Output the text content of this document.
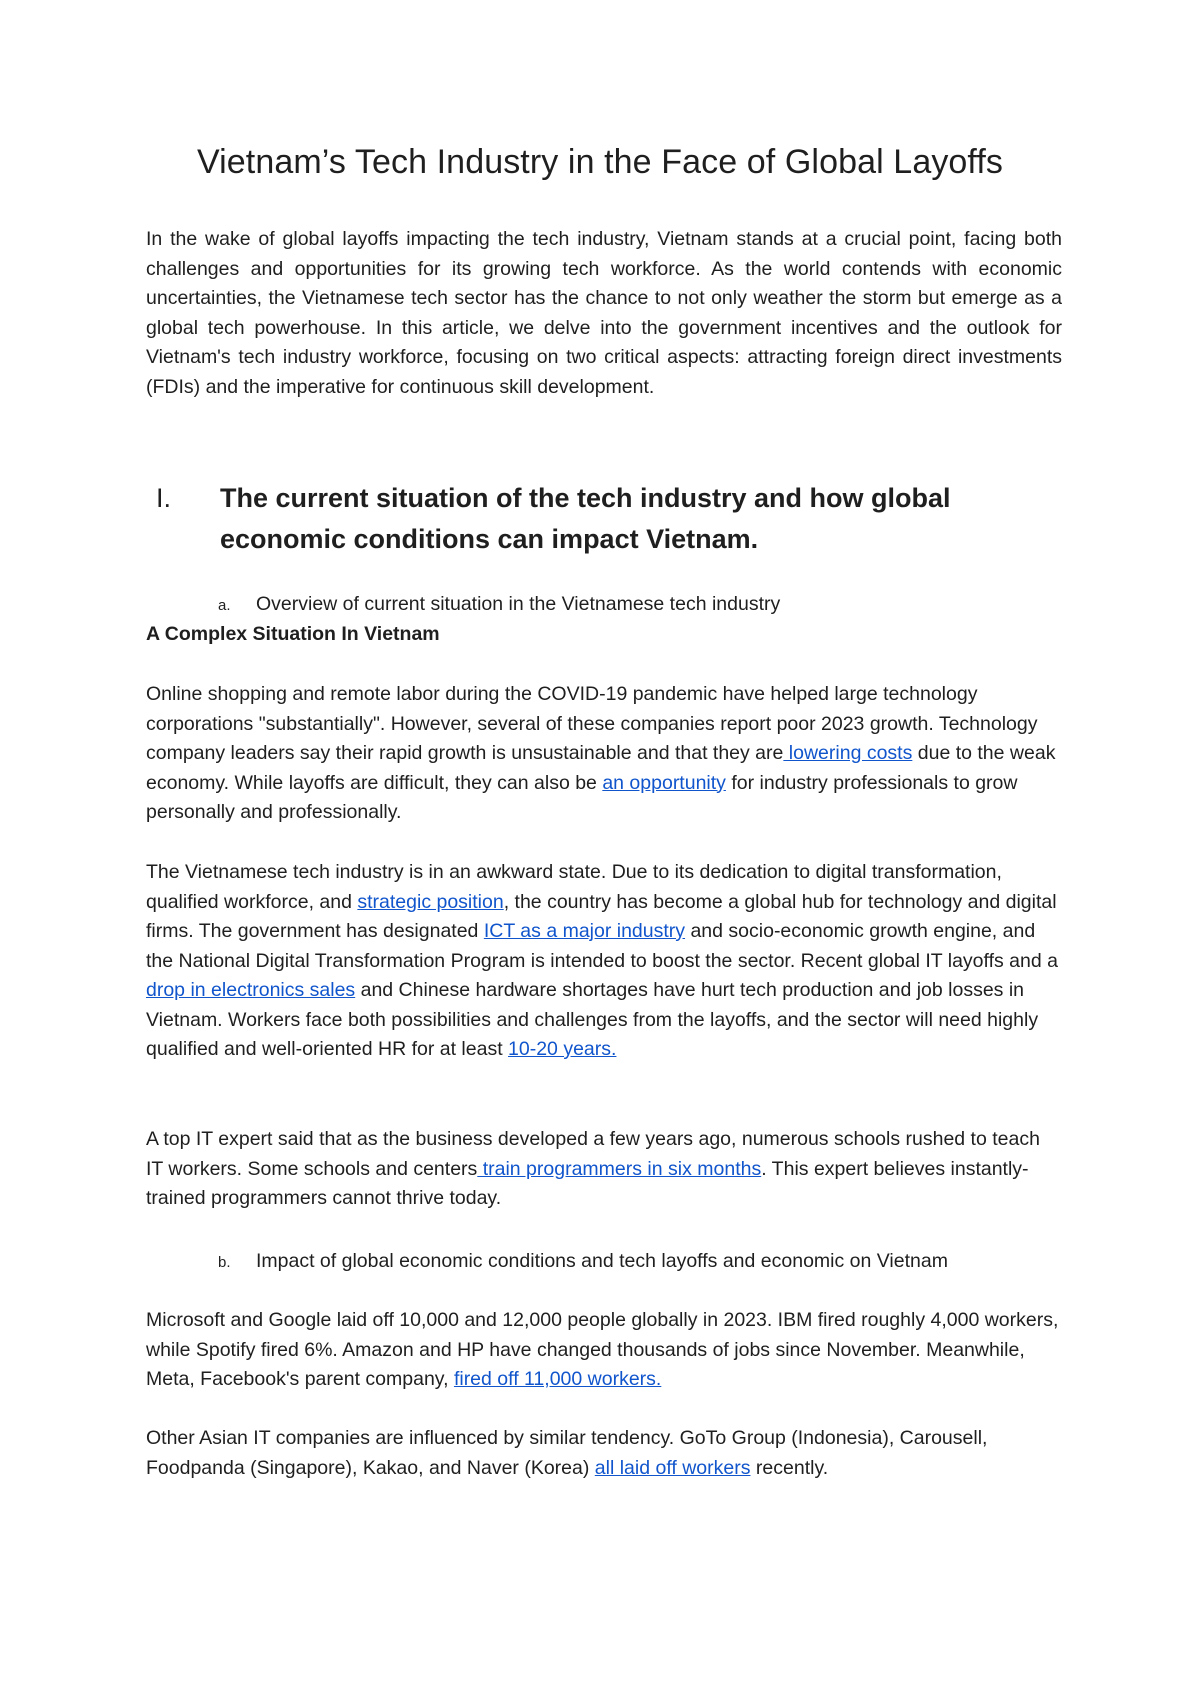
Vietnam’s Tech Industry in the Face of Global Layoffs

In the wake of global layoffs impacting the tech industry, Vietnam stands at a crucial point, facing both challenges and opportunities for its growing tech workforce. As the world contends with economic uncertainties, the Vietnamese tech sector has the chance to not only weather the storm but emerge as a global tech powerhouse. In this article, we delve into the government incentives and the outlook for Vietnam's tech industry workforce, focusing on two critical aspects: attracting foreign direct investments (FDIs) and the imperative for continuous skill development.

I. The current situation of the tech industry and how global economic conditions can impact Vietnam.

a. Overview of current situation in the Vietnamese tech industry

A Complex Situation In Vietnam

Online shopping and remote labor during the COVID-19 pandemic have helped large technology corporations "substantially". However, several of these companies report poor 2023 growth. Technology company leaders say their rapid growth is unsustainable and that they are lowering costs due to the weak economy. While layoffs are difficult, they can also be an opportunity for industry professionals to grow personally and professionally.

The Vietnamese tech industry is in an awkward state. Due to its dedication to digital transformation, qualified workforce, and strategic position, the country has become a global hub for technology and digital firms. The government has designated ICT as a major industry and socio-economic growth engine, and the National Digital Transformation Program is intended to boost the sector. Recent global IT layoffs and a drop in electronics sales and Chinese hardware shortages have hurt tech production and job losses in Vietnam. Workers face both possibilities and challenges from the layoffs, and the sector will need highly qualified and well-oriented HR for at least 10-20 years.

A top IT expert said that as the business developed a few years ago, numerous schools rushed to teach IT workers. Some schools and centers train programmers in six months. This expert believes instantly-trained programmers cannot thrive today.

b. Impact of global economic conditions and tech layoffs and economic on Vietnam

Microsoft and Google laid off 10,000 and 12,000 people globally in 2023. IBM fired roughly 4,000 workers, while Spotify fired 6%. Amazon and HP have changed thousands of jobs since November. Meanwhile, Meta, Facebook's parent company, fired off 11,000 workers.

Other Asian IT companies are influenced by similar tendency. GoTo Group (Indonesia), Carousell, Foodpanda (Singapore), Kakao, and Naver (Korea) all laid off workers recently.
